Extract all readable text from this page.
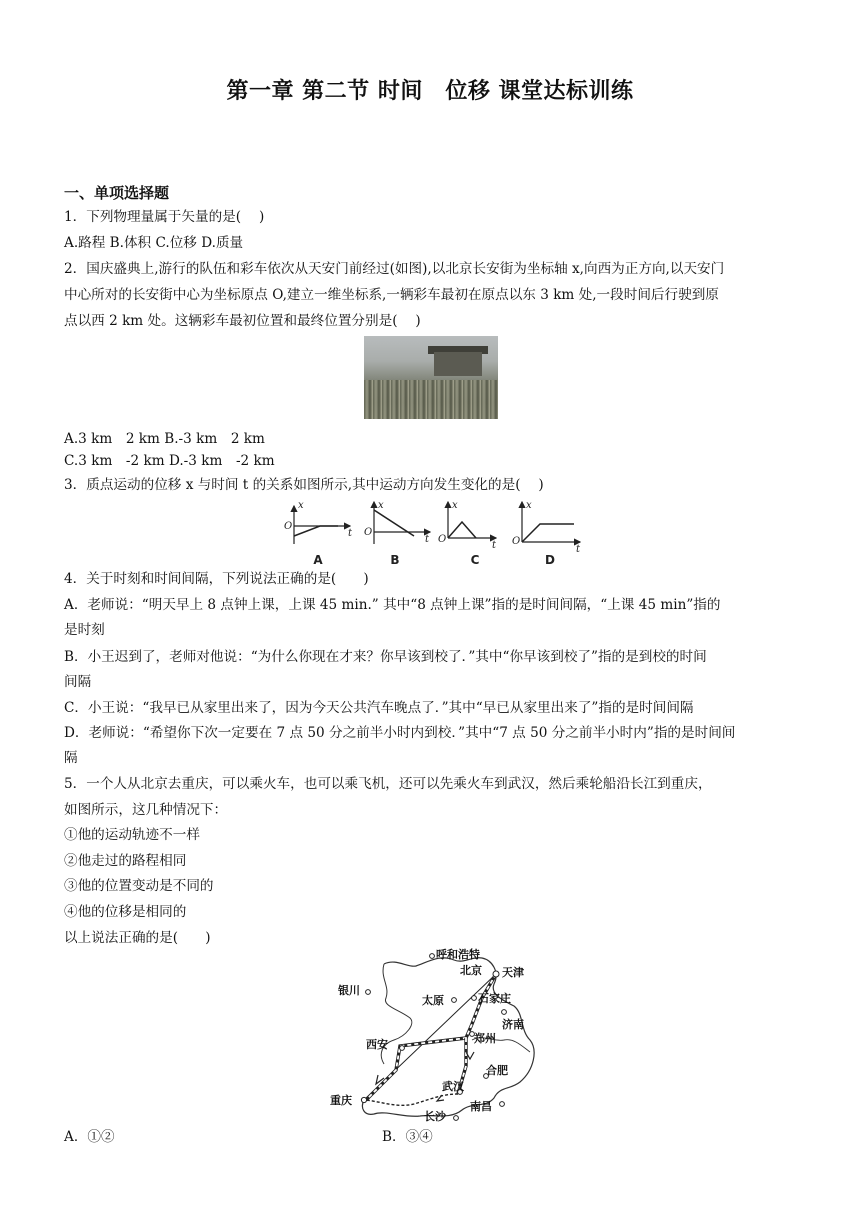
第一章 第二节 时间　位移 课堂达标训练
一、单项选择题
1．下列物理量属于矢量的是(　 )
A.路程 B.体积 C.位移 D.质量
2．国庆盛典上,游行的队伍和彩车依次从天安门前经过(如图),以北京长安街为坐标轴 x,向西为正方向,以天安门
中心所对的长安街中心为坐标原点 O,建立一维坐标系,一辆彩车最初在原点以东 3 km 处,一段时间后行驶到原
点以西 2 km 处。这辆彩车最初位置和最终位置分别是(　 )
A.3 km　2 km B.-3 km　2 km
C.3 km　-2 km D.-3 km　-2 km
3．质点运动的位移 x 与时间 t 的关系如图所示,其中运动方向发生变化的是(　 )
x
O
t
x
O
t
x
O
t
x
O
t
A	B	C	D
4．关于时刻和时间间隔，下列说法正确的是(　　)
A．老师说：“明天早上 8 点钟上课，上课 45 min.” 其中“8 点钟上课”指的是时间间隔，“上课 45 min”指的
是时刻
B．小王迟到了，老师对他说：“为什么你现在才来？你早该到校了．”其中“你早该到校了”指的是到校的时间
间隔
C．小王说：“我早已从家里出来了，因为今天公共汽车晚点了．”其中“早已从家里出来了”指的是时间间隔
D．老师说：“希望你下次一定要在 7 点 50 分之前半小时内到校．”其中“7 点 50 分之前半小时内”指的是时间间
隔
5．一个人从北京去重庆，可以乘火车，也可以乘飞机，还可以先乘火车到武汉，然后乘轮船沿长江到重庆，
如图所示，这几种情况下：
①他的运动轨迹不一样
②他走过的路程相同
③他的位置变动是不同的
④他的位移是相同的
以上说法正确的是(　　)
呼和浩特
北京 天津
银川
太原	石家庄
济南
西安	郑州
合肥
重庆
武汉
南昌
长沙
A．①②	B．③④
